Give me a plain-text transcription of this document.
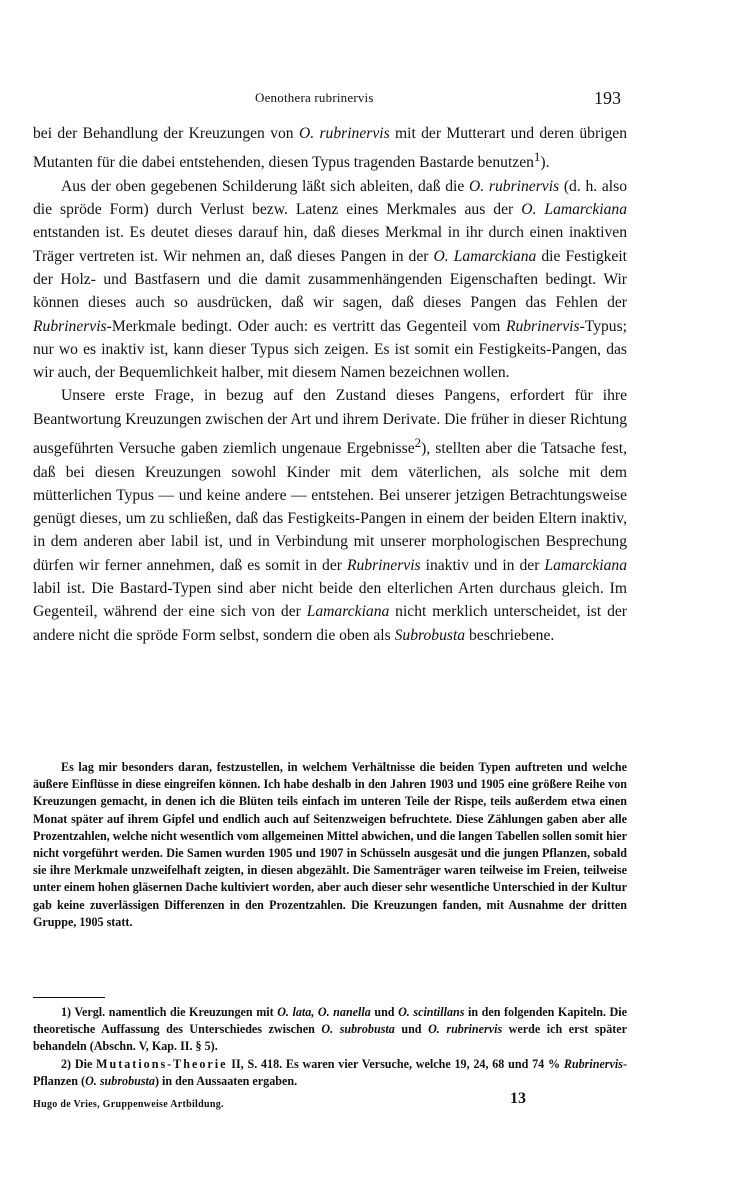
Oenothera rubrinervis	193

bei der Behandlung der Kreuzungen von O. rubrinervis mit der Mutterart und deren übrigen Mutanten für die dabei entstehenden, diesen Typus tragenden Bastarde benutzen$^1$).

Aus der oben gegebenen Schilderung läßt sich ableiten, daß die O. rubrinervis (d. h. also die spröde Form) durch Verlust bezw. Latenz eines Merkmales aus der O. Lamarckiana entstanden ist. Es deutet dieses darauf hin, daß dieses Merkmal in ihr durch einen inaktiven Träger vertreten ist. Wir nehmen an, daß dieses Pangen in der O. Lamarckiana die Festigkeit der Holz- und Bastfasern und die damit zusammenhängenden Eigenschaften bedingt. Wir können dieses auch so ausdrücken, daß wir sagen, daß dieses Pangen das Fehlen der Rubrinervis-Merkmale bedingt. Oder auch: es vertritt das Gegenteil vom Rubrinervis-Typus; nur wo es inaktiv ist, kann dieser Typus sich zeigen. Es ist somit ein Festigkeits-Pangen, das wir auch, der Bequemlichkeit halber, mit diesem Namen bezeichnen wollen.

Unsere erste Frage, in bezug auf den Zustand dieses Pangens, erfordert für ihre Beantwortung Kreuzungen zwischen der Art und ihrem Derivate. Die früher in dieser Richtung ausgeführten Versuche gaben ziemlich ungenaue Ergebnisse$^2$), stellten aber die Tatsache fest, daß bei diesen Kreuzungen sowohl Kinder mit dem väterlichen, als solche mit dem mütterlichen Typus — und keine andere — entstehen. Bei unserer jetzigen Betrachtungsweise genügt dieses, um zu schließen, daß das Festigkeits-Pangen in einem der beiden Eltern inaktiv, in dem anderen aber labil ist, und in Verbindung mit unserer morphologischen Besprechung dürfen wir ferner annehmen, daß es somit in der Rubrinervis inaktiv und in der Lamarckiana labil ist. Die Bastard-Typen sind aber nicht beide den elterlichen Arten durchaus gleich. Im Gegenteil, während der eine sich von der Lamarckiana nicht merklich unterscheidet, ist der andere nicht die spröde Form selbst, sondern die oben als Subrobusta beschriebene.

Es lag mir besonders daran, festzustellen, in welchem Verhältnisse die beiden Typen auftreten und welche äußere Einflüsse in diese eingreifen können. Ich habe deshalb in den Jahren 1903 und 1905 eine größere Reihe von Kreuzungen gemacht, in denen ich die Blüten teils einfach im unteren Teile der Rispe, teils außerdem etwa einen Monat später auf ihrem Gipfel und endlich auch auf Seitenzweigen befruchtete. Diese Zählungen gaben aber alle Prozentzahlen, welche nicht wesentlich vom allgemeinen Mittel abwichen, und die langen Tabellen sollen somit hier nicht vorgeführt werden. Die Samen wurden 1905 und 1907 in Schüsseln ausgesät und die jungen Pflanzen, sobald sie ihre Merkmale unzweifelhaft zeigten, in diesen abgezählt. Die Samenträger waren teilweise im Freien, teilweise unter einem hohen gläsernen Dache kultiviert worden, aber auch dieser sehr wesentliche Unterschied in der Kultur gab keine zuverlässigen Differenzen in den Prozentzahlen. Die Kreuzungen fanden, mit Ausnahme der dritten Gruppe, 1905 statt.

1) Vergl. namentlich die Kreuzungen mit O. lata, O. nanella und O. scintillans in den folgenden Kapiteln. Die theoretische Auffassung des Unterschiedes zwischen O. subrobusta und O. rubrinervis werde ich erst später behandeln (Abschn. V, Kap. II. § 5).

2) Die Mutations-Theorie II, S. 418. Es waren vier Versuche, welche 19, 24, 68 und 74 % Rubrinervis-Pflanzen (O. subrobusta) in den Aussaaten ergaben.

Hugo de Vries, Gruppenweise Artbildung.	13
